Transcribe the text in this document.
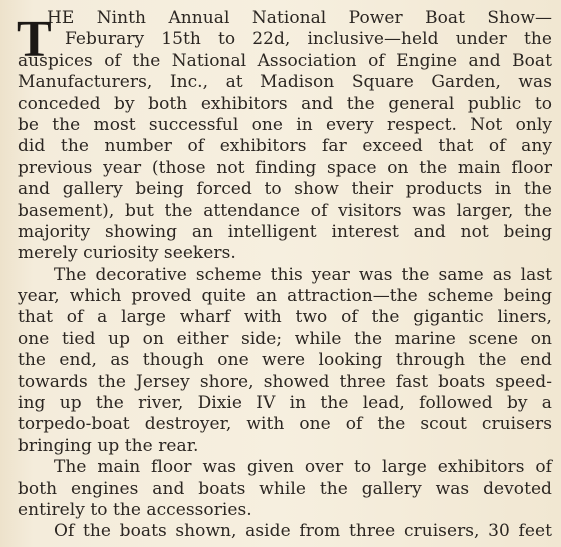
T
HE Ninth Annual National Power Boat Show—
Feburary 15th to 22d, inclusive—held under the
auspices of the National Association of Engine and Boat
Manufacturers, Inc., at Madison Square Garden, was
conceded by both exhibitors and the general public to
be the most successful one in every respect. Not only
did the number of exhibitors far exceed that of any
previous year (those not finding space on the main floor
and gallery being forced to show their products in the
basement), but the attendance of visitors was larger, the
majority showing an intelligent interest and not being
merely curiosity seekers.
The decorative scheme this year was the same as last
year, which proved quite an attraction—the scheme being
that of a large wharf with two of the gigantic liners,
one tied up on either side; while the marine scene on
the end, as though one were looking through the end
towards the Jersey shore, showed three fast boats speed-
ing up the river, Dixie IV in the lead, followed by a
torpedo-boat destroyer, with one of the scout cruisers
bringing up the rear.
The main floor was given over to large exhibitors of
both engines and boats while the gallery was devoted
entirely to the accessories.
Of the boats shown, aside from three cruisers, 30 feet
